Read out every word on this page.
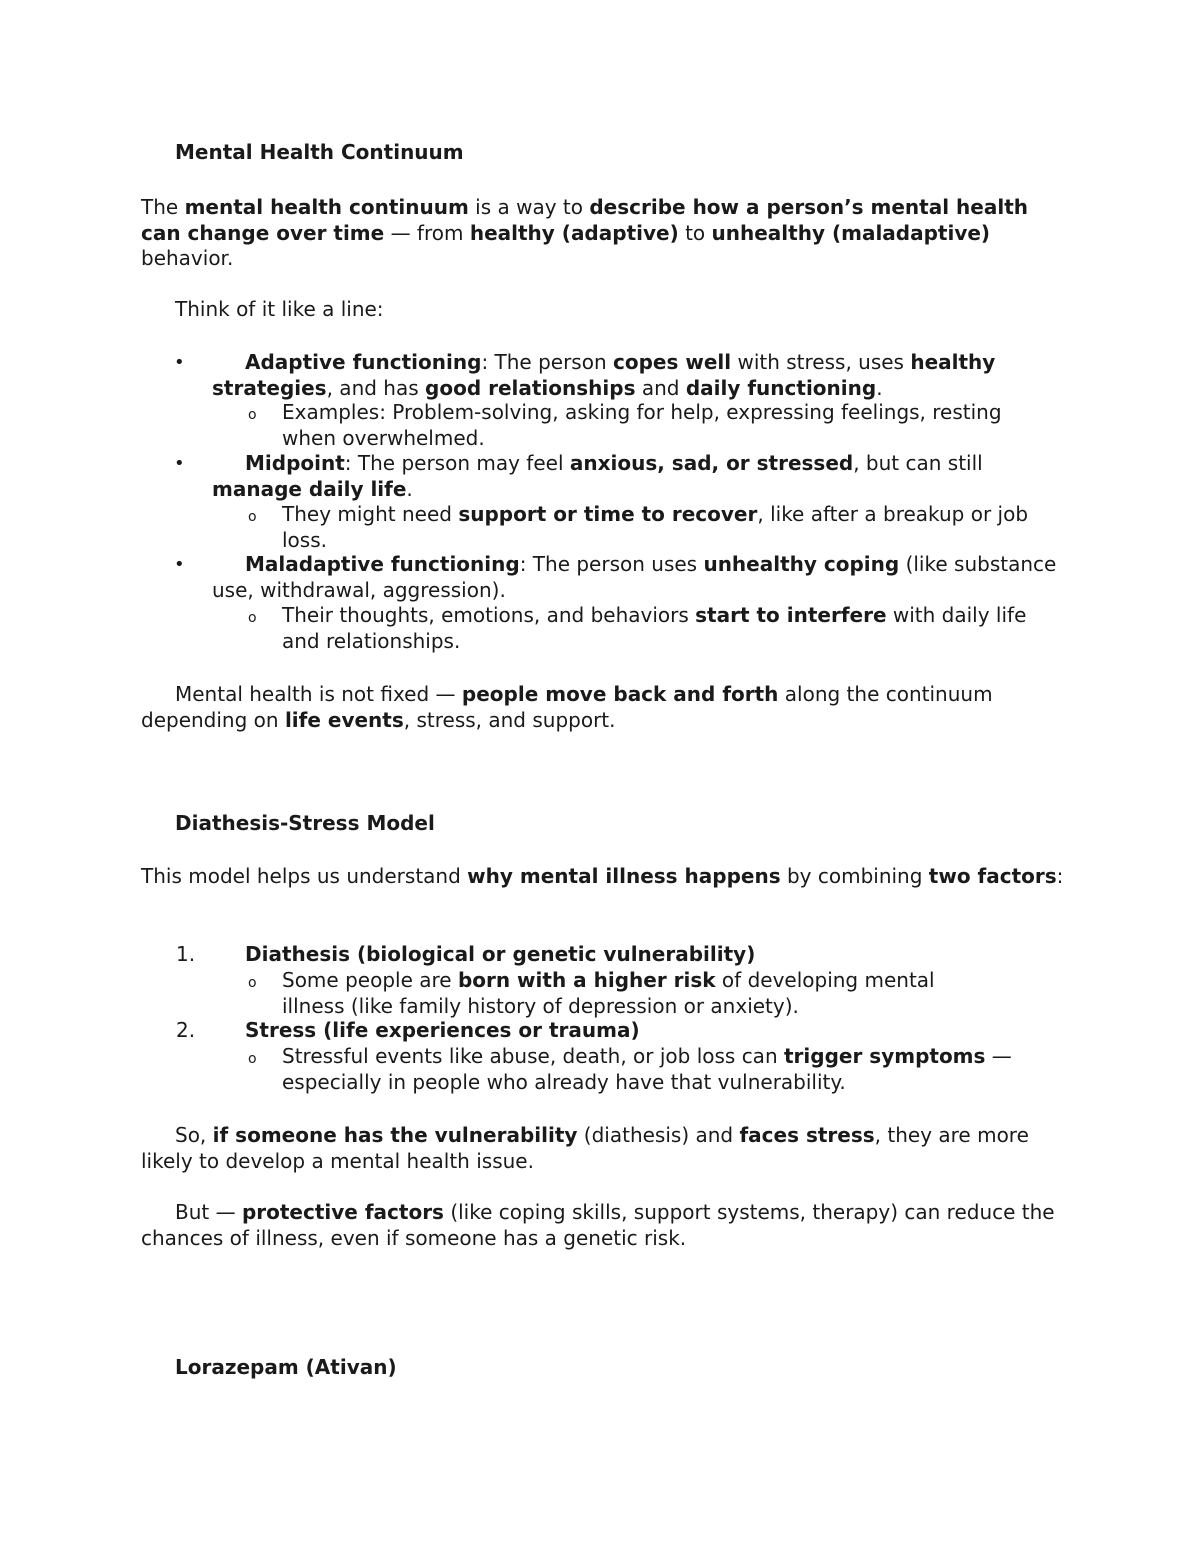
Mental Health Continuum

The mental health continuum is a way to describe how a person’s mental health can change over time — from healthy (adaptive) to unhealthy (maladaptive) behavior.

Think of it like a line:

•	Adaptive functioning: The person copes well with stress, uses healthy strategies, and has good relationships and daily functioning.

o Examples: Problem-solving, asking for help, expressing feelings, resting when overwhelmed.

•	Midpoint: The person may feel anxious, sad, or stressed, but can still manage daily life.

o They might need support or time to recover, like after a breakup or job loss.

•	Maladaptive functioning: The person uses unhealthy coping (like substance use, withdrawal, aggression).

o Their thoughts, emotions, and behaviors start to interfere with daily life and relationships.

Mental health is not fixed — people move back and forth along the continuum depending on life events, stress, and support.

Diathesis-Stress Model

This model helps us understand why mental illness happens by combining two factors:

1. Diathesis (biological or genetic vulnerability)

o Some people are born with a higher risk of developing mental illness (like family history of depression or anxiety).

2. Stress (life experiences or trauma)

o Stressful events like abuse, death, or job loss can trigger symptoms — especially in people who already have that vulnerability.

So, if someone has the vulnerability (diathesis) and faces stress, they are more likely to develop a mental health issue.

But — protective factors (like coping skills, support systems, therapy) can reduce the chances of illness, even if someone has a genetic risk.

Lorazepam (Ativan)
